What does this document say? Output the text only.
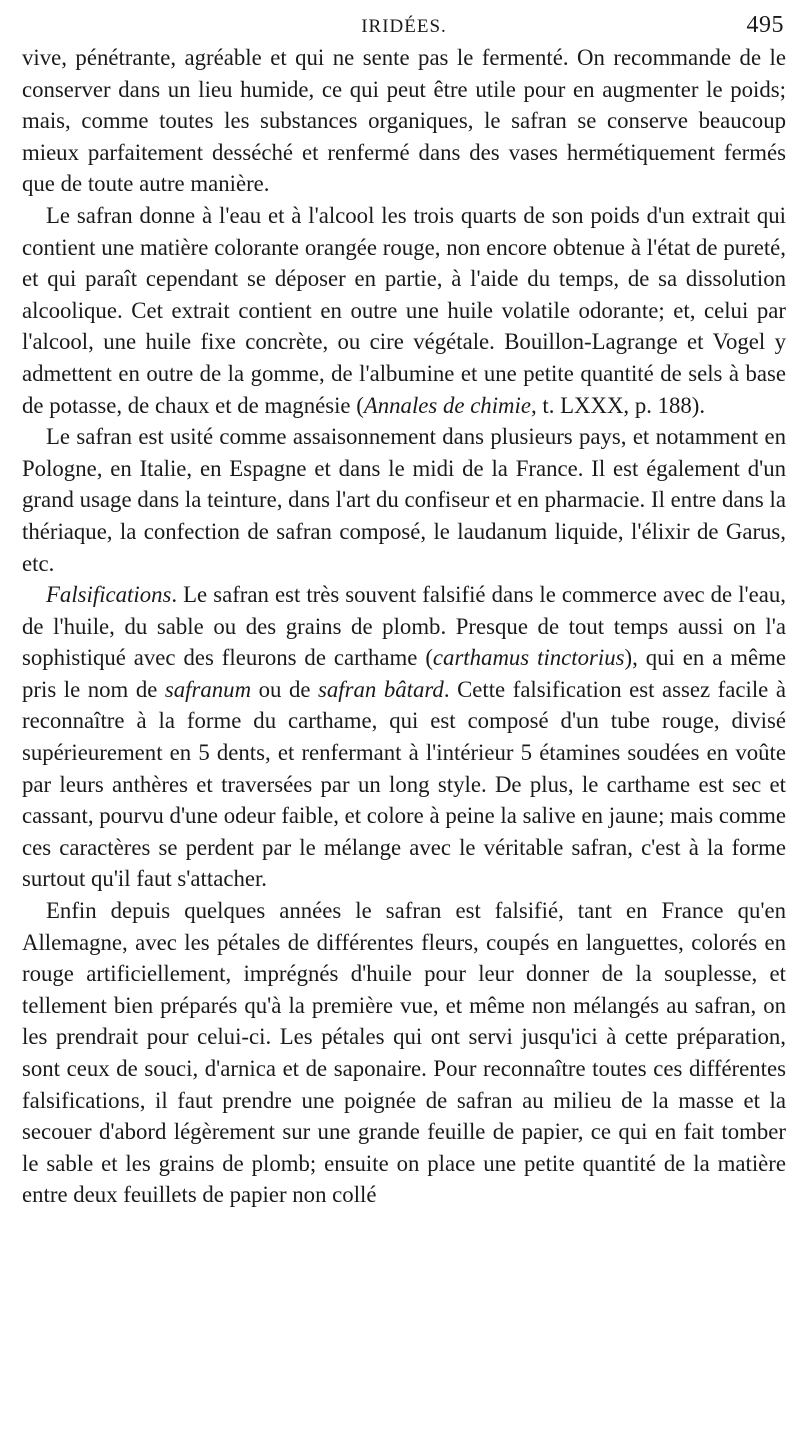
IRIDÉES.	495

vive, pénétrante, agréable et qui ne sente pas le fermenté. On recommande de le conserver dans un lieu humide, ce qui peut être utile pour en augmenter le poids; mais, comme toutes les substances organiques, le safran se conserve beaucoup mieux parfaitement desséché et renfermé dans des vases hermétiquement fermés que de toute autre manière.

Le safran donne à l'eau et à l'alcool les trois quarts de son poids d'un extrait qui contient une matière colorante orangée rouge, non encore obtenue à l'état de pureté, et qui paraît cependant se déposer en partie, à l'aide du temps, de sa dissolution alcoolique. Cet extrait contient en outre une huile volatile odorante; et, celui par l'alcool, une huile fixe concrète, ou cire végétale. Bouillon-Lagrange et Vogel y admettent en outre de la gomme, de l'albumine et une petite quantité de sels à base de potasse, de chaux et de magnésie (Annales de chimie, t. LXXX, p. 188).

Le safran est usité comme assaisonnement dans plusieurs pays, et notamment en Pologne, en Italie, en Espagne et dans le midi de la France. Il est également d'un grand usage dans la teinture, dans l'art du confiseur et en pharmacie. Il entre dans la thériaque, la confection de safran composé, le laudanum liquide, l'élixir de Garus, etc.

Falsifications. Le safran est très souvent falsifié dans le commerce avec de l'eau, de l'huile, du sable ou des grains de plomb. Presque de tout temps aussi on l'a sophistiqué avec des fleurons de carthame (carthamus tinctorius), qui en a même pris le nom de safranum ou de safran bâtard. Cette falsification est assez facile à reconnaître à la forme du carthame, qui est composé d'un tube rouge, divisé supérieurement en 5 dents, et renfermant à l'intérieur 5 étamines soudées en voûte par leurs anthères et traversées par un long style. De plus, le carthame est sec et cassant, pourvu d'une odeur faible, et colore à peine la salive en jaune; mais comme ces caractères se perdent par le mélange avec le véritable safran, c'est à la forme surtout qu'il faut s'attacher.

Enfin depuis quelques années le safran est falsifié, tant en France qu'en Allemagne, avec les pétales de différentes fleurs, coupés en languettes, colorés en rouge artificiellement, imprégnés d'huile pour leur donner de la souplesse, et tellement bien préparés qu'à la première vue, et même non mélangés au safran, on les prendrait pour celui-ci. Les pétales qui ont servi jusqu'ici à cette préparation, sont ceux de souci, d'arnica et de saponaire. Pour reconnaître toutes ces différentes falsifications, il faut prendre une poignée de safran au milieu de la masse et la secouer d'abord légèrement sur une grande feuille de papier, ce qui en fait tomber le sable et les grains de plomb; ensuite on place une petite quantité de la matière entre deux feuillets de papier non collé
